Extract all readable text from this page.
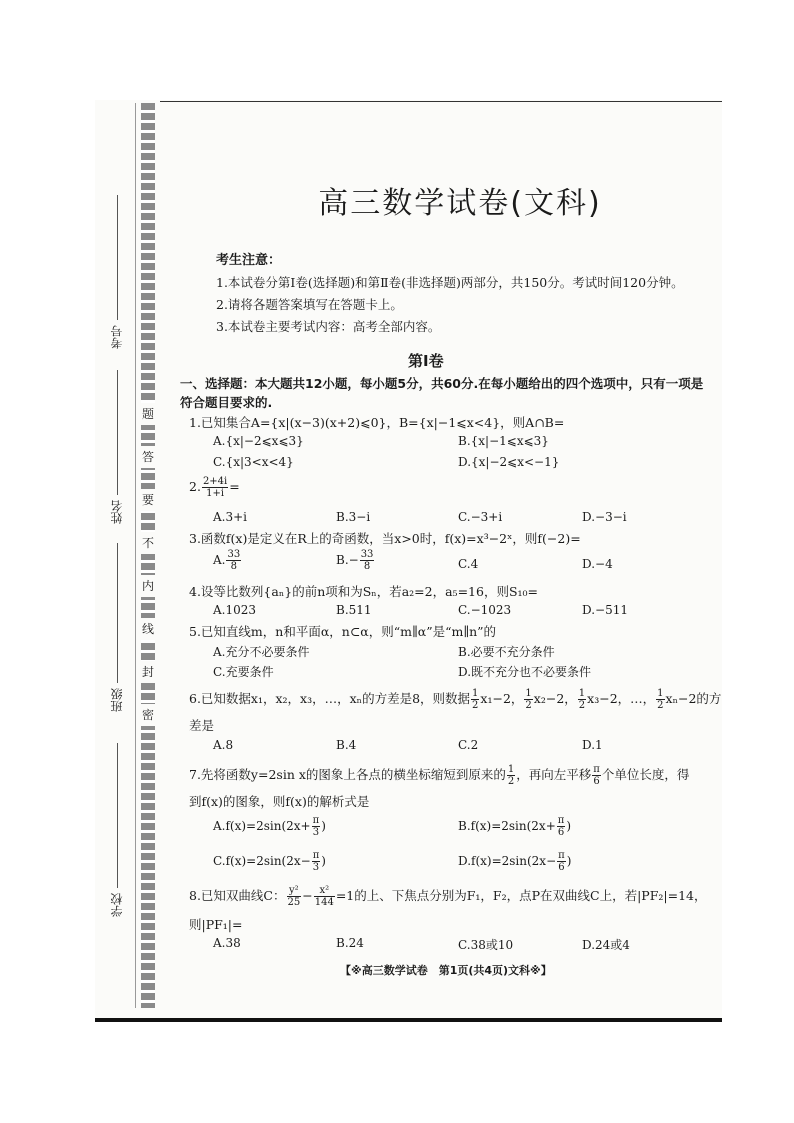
题
答
要
不
内
线
封
密
考号
姓名
班级
学校
高三数学试卷(文科)
考生注意：
1.本试卷分第Ⅰ卷(选择题)和第Ⅱ卷(非选择题)两部分，共150分。考试时间120分钟。
2.请将各题答案填写在答题卡上。
3.本试卷主要考试内容：高考全部内容。
第Ⅰ卷
一、选择题：本大题共12小题，每小题5分，共60分.在每小题给出的四个选项中，只有一项是符合题目要求的.
1.已知集合A={x|(x−3)(x+2)⩽0}，B={x|−1⩽x<4}，则A∩B=
A.{x|−2⩽x⩽3}	B.{x|−1⩽x⩽3}
C.{x|3<x<4}	D.{x|−2⩽x<−1}
2. $\frac{2+4i}{1+i}$ =
A.3+i	B.3−i	C.−3+i	D.−3−i
3.函数f(x)是定义在R上的奇函数，当x>0时，f(x)=x³−2ˣ，则f(−2)=
A. $\frac{33}{8}$	$B.- \frac{33}{8}$	C.4	D.−4
4.设等比数列{aₙ}的前n项和为Sₙ，若a₂=2，a₅=16，则S₁₀=
A.1023	B.511	C.−1023	D.−511
5.已知直线m，n和平面α，n⊂α，则“m∥α”是“m∥n”的
A.充分不必要条件	B.必要不充分条件
C.充要条件	D.既不充分也不必要条件
6.已知数据x₁，x₂，x₃，…，xₙ的方差是8，则数据 $\frac{1}{2} x_1-2$， $\frac{1}{2} x_2-2$， $\frac{1}{2} x_3-2$，…， $\frac{1}{2} x_n-2$的方
差是
A.8	B.4	C.2	D.1
7.先将函数y=2sin x的图象上各点的横坐标缩短到原来的 $\frac{1}{2}$ ，再向左平移 $\frac{\pi}{6}$ 个单位长度，得
到f(x)的图象，则f(x)的解析式是
$A.f(x)=2\sin(2x+ \frac{\pi}{3}$ )	$B.f(x)=2\sin(2x+ \frac{\pi}{6}$ )
$C.f(x)=2\sin(2x- \frac{\pi}{3}$ )	$D.f(x)=2\sin(2x- \frac{\pi}{6}$ )
8.已知双曲线C： $\frac{\text{y²}}{25} - \frac{\text{x²}}{144} =1$的上、下焦点分别为F₁，F₂，点P在双曲线C上，若|PF₂|=14，
则|PF₁|=
A.38	B.24	C.38或10	D.24或4
【※高三数学试卷　第1页(共4页)文科※】
